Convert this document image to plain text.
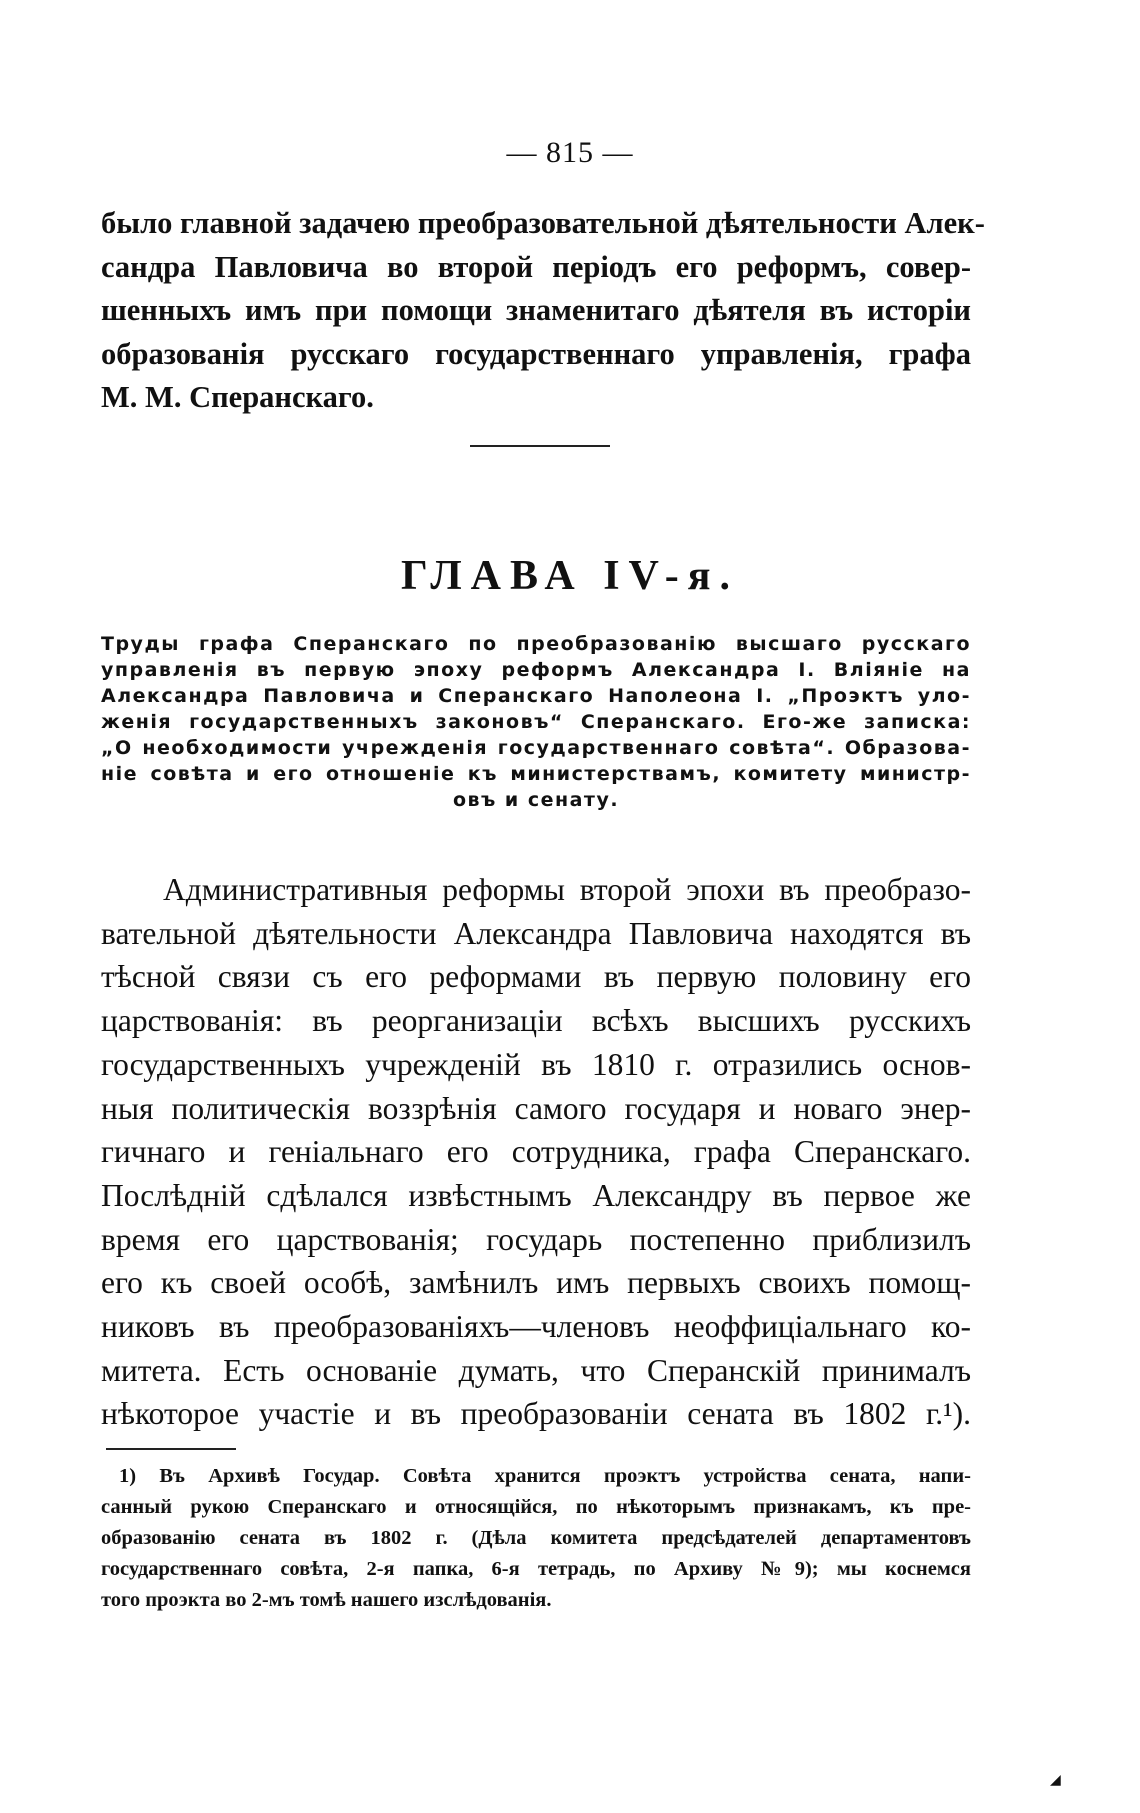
— 815 —
было главной задачею преобразовательной дѣятельности Алек-
сандра Павловича во второй періодъ его реформъ, совер-
шенныхъ имъ при помощи знаменитаго дѣятеля въ исторіи
образованія русскаго государственнаго управленія, графа
М. М. Сперанскаго.
ГЛАВА IV-я.
Труды графа Сперанскаго по преобразованію высшаго русскаго
управленія въ первую эпоху реформъ Александра I. Вліяніе на
Александра Павловича и Сперанскаго Наполеона I. „Проэктъ уло-
женія государственныхъ законовъ“ Сперанскаго. Его-же записка:
„О необходимости учрежденія государственнаго совѣта“. Образова-
ніе совѣта и его отношеніе къ министерствамъ, комитету министр-
овъ и сенату.
Административныя реформы второй эпохи въ преобразо-
вательной дѣятельности Александра Павловича находятся въ
тѣсной связи съ его реформами въ первую половину его
царствованія: въ реорганизаціи всѣхъ высшихъ русскихъ
государственныхъ учрежденій въ 1810 г. отразились основ-
ныя политическія воззрѣнія самого государя и новаго энер-
гичнаго и геніальнаго его сотрудника, графа Сперанскаго.
Послѣдній сдѣлался извѣстнымъ Александру въ первое же
время его царствованія; государь постепенно приблизилъ
его къ своей особѣ, замѣнилъ имъ первыхъ своихъ помощ-
никовъ въ преобразованіяхъ—членовъ неоффиціальнаго ко-
митета. Есть основаніе думать, что Сперанскій принималъ
нѣкоторое участіе и въ преобразованіи сената въ 1802 г.¹).
1) Въ Архивѣ Государ. Совѣта хранится проэктъ устройства сената, напи-
санный рукою Сперанскаго и относящійся, по нѣкоторымъ признакамъ, къ пре-
образованію сената въ 1802 г. (Дѣла комитета предсѣдателей департаментовъ
государственнаго совѣта, 2-я папка, 6-я тетрадь, по Архиву №9); мы коснемся
того проэкта во 2-мъ томѣ нашего изслѣдованія.
◢
